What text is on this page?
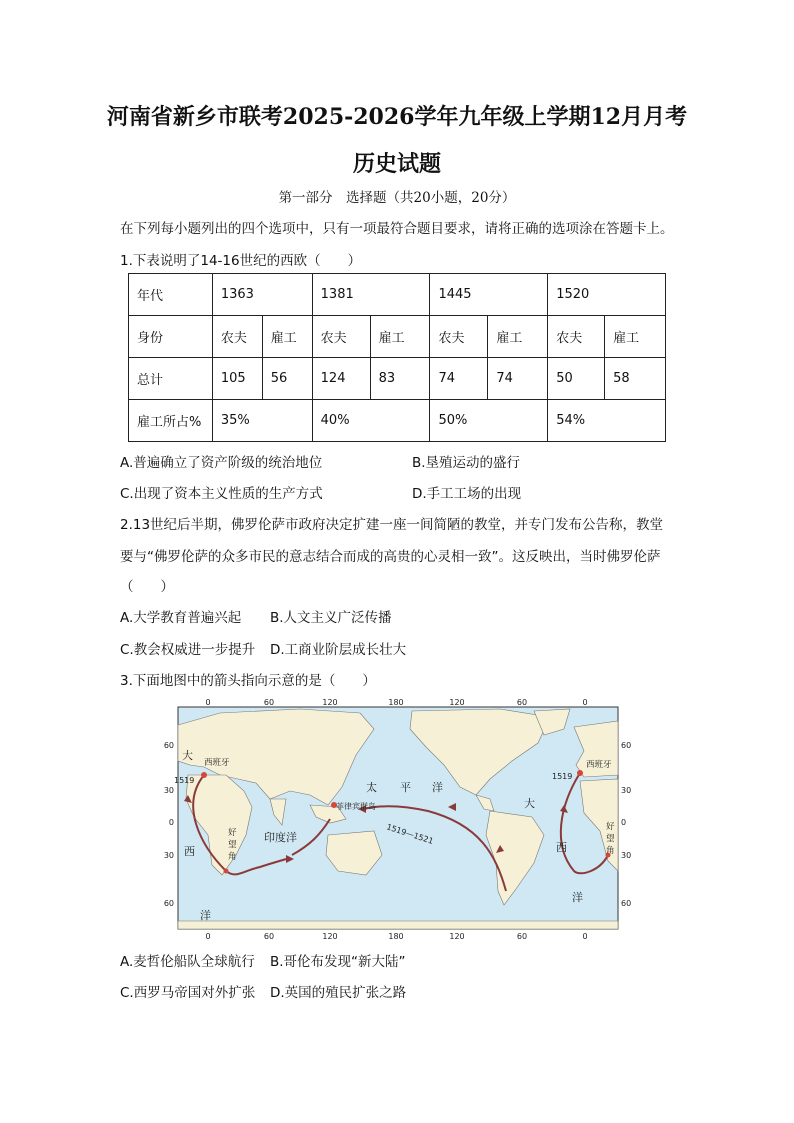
河南省新乡市联考2025-2026学年九年级上学期12月月考
历史试题
第一部分　选择题（共20小题，20分）
在下列每小题列出的四个选项中，只有一项最符合题目要求，请将正确的选项涂在答题卡上。
1.下表说明了14-16世纪的西欧（　　）
年代	1363		1381		1445		1520	
身份	农夫	雇工	农夫	雇工	农夫	雇工	农夫	雇工
总计	105	56	124	83	74	74	50	58
雇工所占%	35%		40%		50%		54%	
A.普遍确立了资产阶级的统治地位	B.垦殖运动的盛行
C.出现了资本主义性质的生产方式	D.手工工场的出现
2.13世纪后半期，佛罗伦萨市政府决定扩建一座一间简陋的教堂，并专门发布公告称，教堂
要与“佛罗伦萨的众多市民的意志结合而成的高贵的心灵相一致”。这反映出，当时佛罗伦萨
（　　）
A.大学教育普遍兴起 B.人文主义广泛传播
C.教会权威进一步提升 D.工商业阶层成长壮大
3.下面地图中的箭头指向示意的是（　　）
0	60	120	180	120	60	0
0	60	120	180	120	60	0
60
30
0
30
60
60
30
0
30
60
西班牙	西班牙
1519	1519
菲律宾群岛
1519—1521
印度洋
太 平 洋
好
望
角
好
望
角
大
西
洋
大
西
洋
A.麦哲伦船队全球航行 B.哥伦布发现“新大陆”
C.西罗马帝国对外扩张 D.英国的殖民扩张之路
